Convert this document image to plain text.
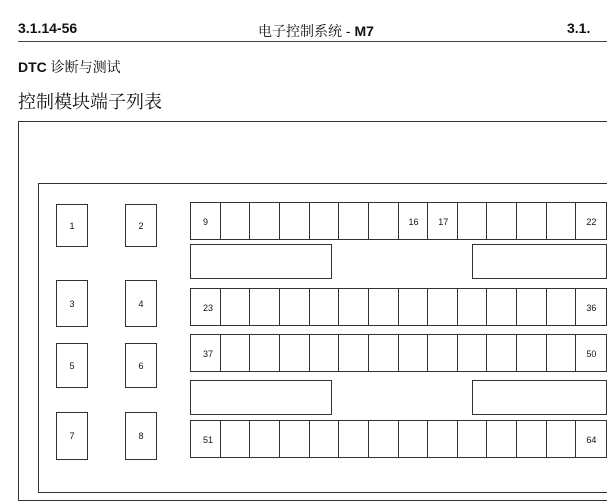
3.1.14-56	电子控制系统 - M7	3.1.
DTC 诊断与测试
控制模块端子列表
1	2
3	4
5	6
7	8
9	16	17	22
23	36
37	50
51	64
